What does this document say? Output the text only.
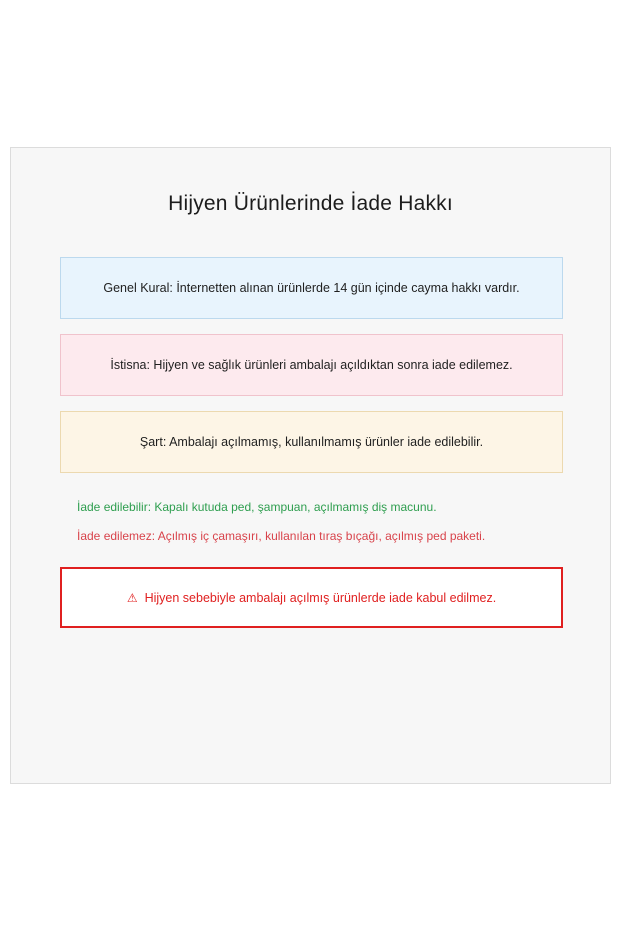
Hijyen Ürünlerinde İade Hakkı
Genel Kural: İnternetten alınan ürünlerde 14 gün içinde cayma hakkı vardır.
İstisna: Hijyen ve sağlık ürünleri ambalajı açıldıktan sonra iade edilemez.
Şart: Ambalajı açılmamış, kullanılmamış ürünler iade edilebilir.
İade edilebilir: Kapalı kutuda ped, şampuan, açılmamış diş macunu.
İade edilemez: Açılmış iç çamaşırı, kullanılan tıraş bıçağı, açılmış ped paketi.
⚠ Hijyen sebebiyle ambalajı açılmış ürünlerde iade kabul edilmez.
